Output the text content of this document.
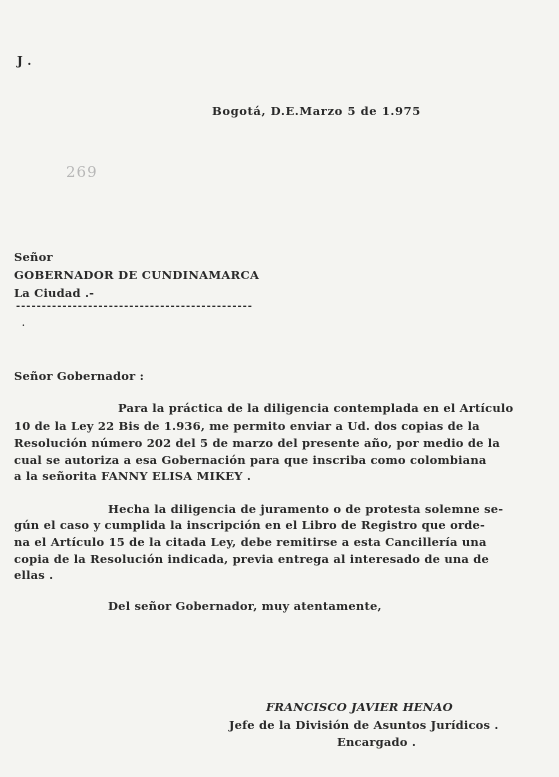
J .
Bogotá, D.E.Marzo 5 de 1.975
269
Señor
GOBERNADOR DE CUNDINAMARCA
La Ciudad .-
----------------------------------------------
.
Señor Gobernador :
Para la práctica de la diligencia contemplada en el Artículo
10 de la Ley 22 Bis de 1.936, me permito enviar a Ud. dos copias de la
Resolución número 202 del 5 de marzo del presente año, por medio de la
cual se autoriza a esa Gobernación para que inscriba como colombiana
a la señorita FANNY ELISA MIKEY .
Hecha la diligencia de juramento o de protesta solemne se-
gún el caso y cumplida la inscripción en el Libro de Registro que orde-
na el Artículo 15 de la citada Ley, debe remitirse a esta Cancillería una
copia de la Resolución indicada, previa entrega al interesado de una de
ellas .
Del señor Gobernador, muy atentamente,
FRANCISCO JAVIER HENAO
Jefe de la División de Asuntos Jurídicos .
Encargado .
